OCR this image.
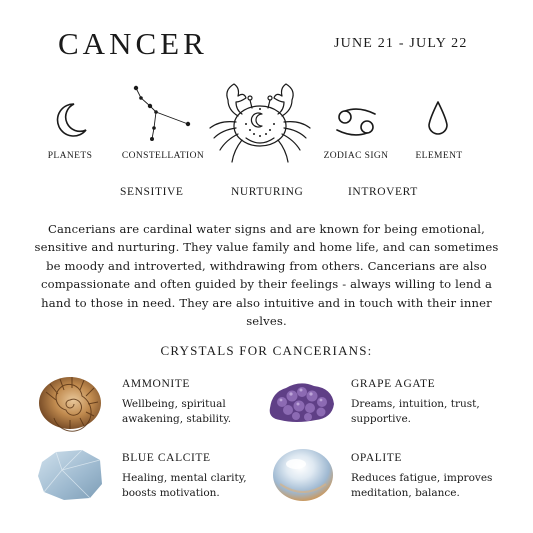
CANCER	JUNE 21 - JULY 22
PLANETS	CONSTELLATION	ZODIAC SIGN	ELEMENT
SENSITIVE	NURTURING	INTROVERT

Cancerians are cardinal water signs and are known for being emotional, sensitive and nurturing. They value family and home life, and can sometimes be moody and introverted, withdrawing from others. Cancerians are also compassionate and often guided by their feelings - always willing to lend a hand to those in need. They are also intuitive and in touch with their inner selves.

CRYSTALS FOR CANCERIANS:
AMMONITE
Wellbeing, spiritual awakening, stability.
GRAPE AGATE
Dreams, intuition, trust, supportive.
BLUE CALCITE
Healing, mental clarity, boosts motivation.
OPALITE
Reduces fatigue, improves meditation, balance.
